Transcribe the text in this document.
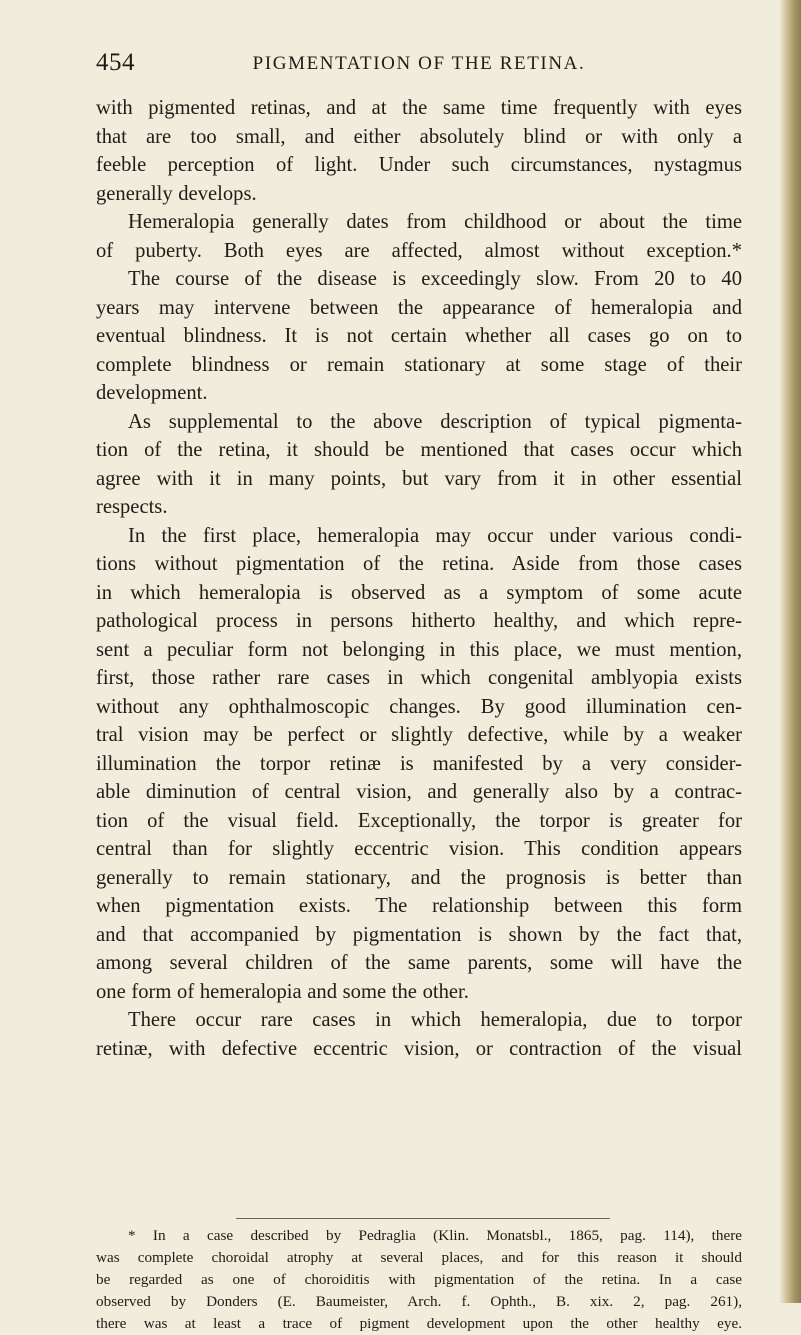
454	PIGMENTATION OF THE RETINA.
with pigmented retinas, and at the same time frequently with eyes
that are too small, and either absolutely blind or with only a
feeble perception of light. Under such circumstances, nystagmus
generally develops.
Hemeralopia generally dates from childhood or about the time
of puberty. Both eyes are affected, almost without exception.*
The course of the disease is exceedingly slow. From 20 to 40
years may intervene between the appearance of hemeralopia and
eventual blindness. It is not certain whether all cases go on to
complete blindness or remain stationary at some stage of their
development.
As supplemental to the above description of typical pigmenta-
tion of the retina, it should be mentioned that cases occur which
agree with it in many points, but vary from it in other essential
respects.
In the first place, hemeralopia may occur under various condi-
tions without pigmentation of the retina. Aside from those cases
in which hemeralopia is observed as a symptom of some acute
pathological process in persons hitherto healthy, and which repre-
sent a peculiar form not belonging in this place, we must mention,
first, those rather rare cases in which congenital amblyopia exists
without any ophthalmoscopic changes. By good illumination cen-
tral vision may be perfect or slightly defective, while by a weaker
illumination the torpor retinæ is manifested by a very consider-
able diminution of central vision, and generally also by a contrac-
tion of the visual field. Exceptionally, the torpor is greater for
central than for slightly eccentric vision. This condition appears
generally to remain stationary, and the prognosis is better than
when pigmentation exists. The relationship between this form
and that accompanied by pigmentation is shown by the fact that,
among several children of the same parents, some will have the
one form of hemeralopia and some the other.
There occur rare cases in which hemeralopia, due to torpor
retinæ, with defective eccentric vision, or contraction of the visual
* In a case described by Pedraglia (Klin. Monatsbl., 1865, pag. 114), there
was complete choroidal atrophy at several places, and for this reason it should
be regarded as one of choroiditis with pigmentation of the retina. In a case
observed by Donders (E. Baumeister, Arch. f. Ophth., B. xix. 2, pag. 261),
there was at least a trace of pigment development upon the other healthy eye.
